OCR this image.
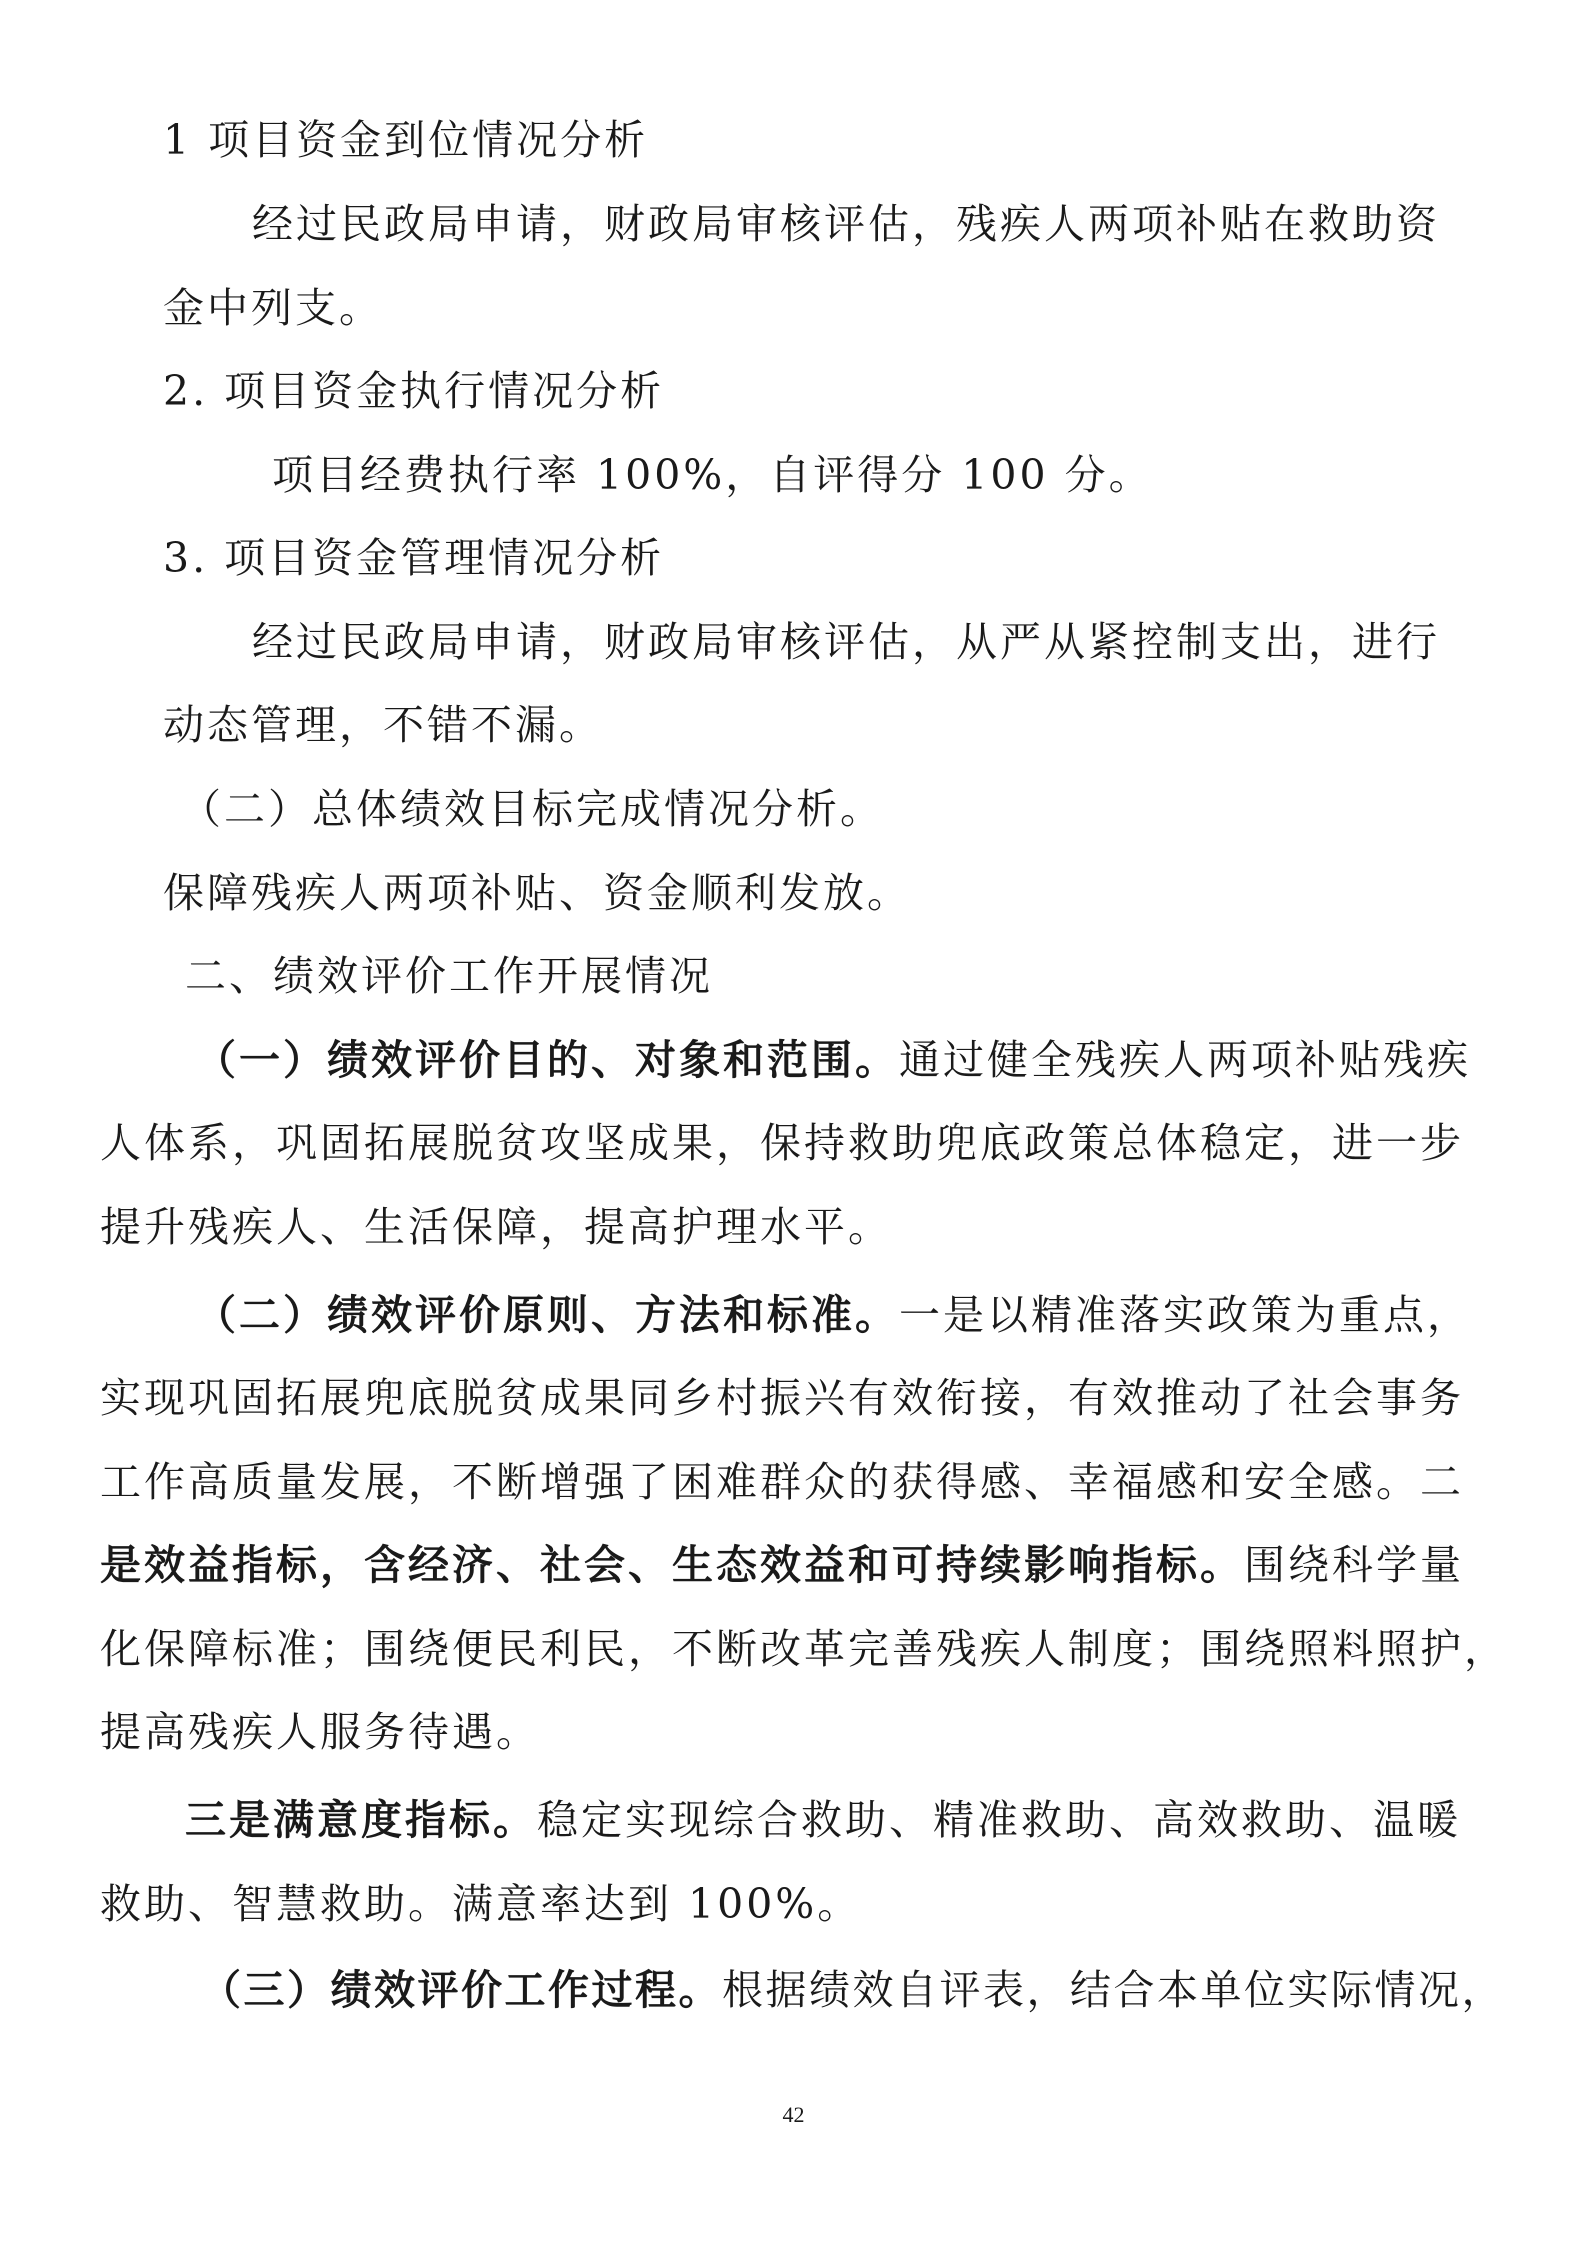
1 项目资金到位情况分析
经过民政局申请，财政局审核评估，残疾人两项补贴在救助资
金中列支。
2. 项目资金执行情况分析
项目经费执行率 100%，自评得分 100 分。
3. 项目资金管理情况分析
经过民政局申请，财政局审核评估，从严从紧控制支出，进行
动态管理，不错不漏。
（二）总体绩效目标完成情况分析。
保障残疾人两项补贴、资金顺利发放。
二、绩效评价工作开展情况
（一）绩效评价目的、对象和范围。通过健全残疾人两项补贴残疾
人体系，巩固拓展脱贫攻坚成果，保持救助兜底政策总体稳定，进一步
提升残疾人、生活保障，提高护理水平。
（二）绩效评价原则、方法和标准。一是以精准落实政策为重点，
实现巩固拓展兜底脱贫成果同乡村振兴有效衔接，有效推动了社会事务
工作高质量发展，不断增强了困难群众的获得感、幸福感和安全感。二
是效益指标，含经济、社会、生态效益和可持续影响指标。围绕科学量
化保障标准；围绕便民利民，不断改革完善残疾人制度；围绕照料照护，
提高残疾人服务待遇。
三是满意度指标。稳定实现综合救助、精准救助、高效救助、温暖
救助、智慧救助。满意率达到 100%。
（三）绩效评价工作过程。根据绩效自评表，结合本单位实际情况，
42
